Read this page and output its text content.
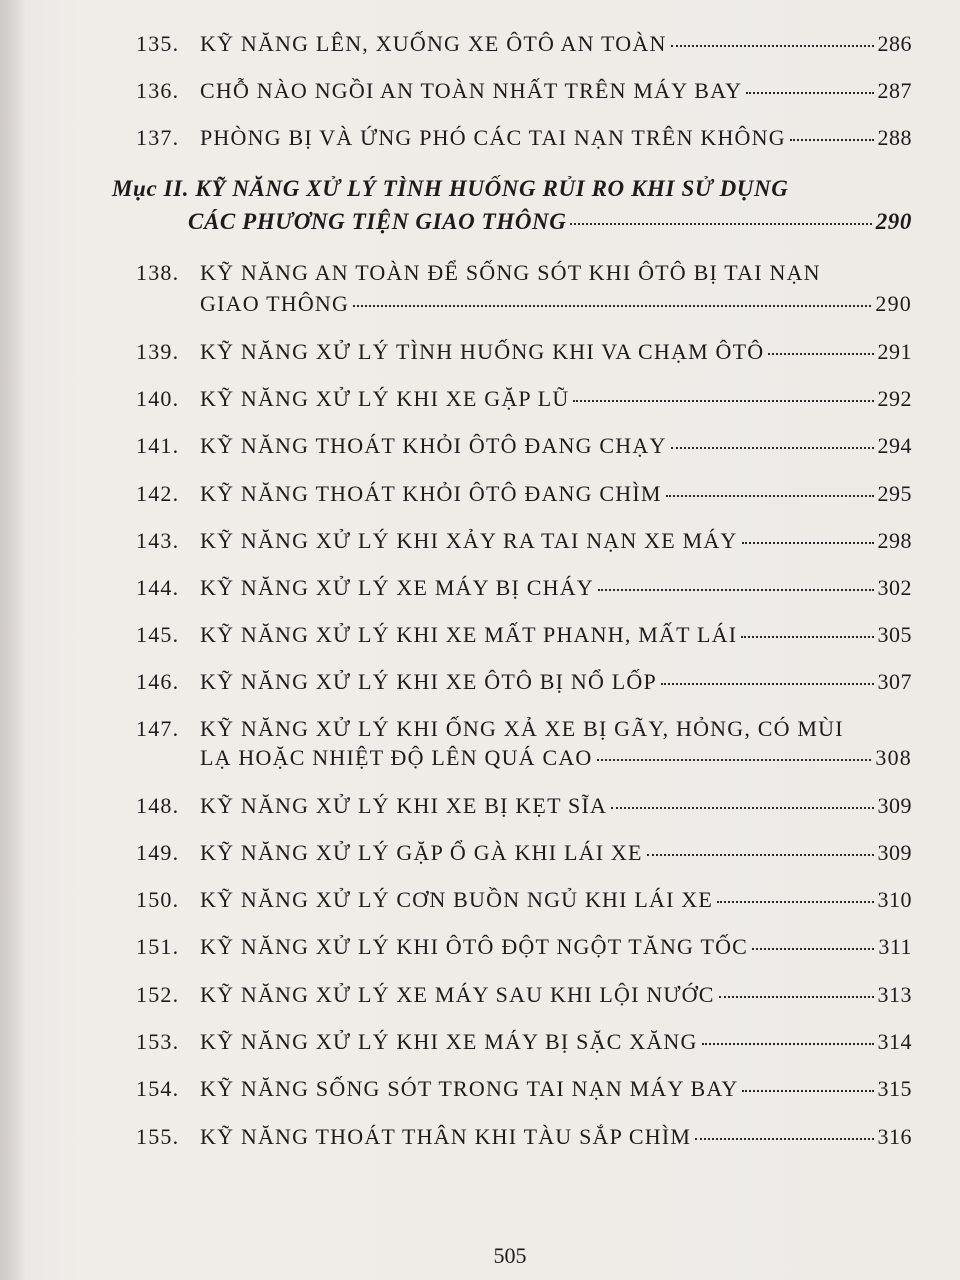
135. KỸ NĂNG LÊN, XUỐNG XE ÔTÔ AN TOÀN	286
136. CHỖ NÀO NGỒI AN TOÀN NHẤT TRÊN MÁY BAY	287
137. PHÒNG BỊ VÀ ỨNG PHÓ CÁC TAI NẠN TRÊN KHÔNG	288
Mục II. KỸ NĂNG XỬ LÝ TÌNH HUỐNG RỦI RO KHI SỬ DỤNG
CÁC PHƯƠNG TIỆN GIAO THÔNG	290
138. KỸ NĂNG AN TOÀN ĐỂ SỐNG SÓT KHI ÔTÔ BỊ TAI NẠN
GIAO THÔNG	290
139. KỸ NĂNG XỬ LÝ TÌNH HUỐNG KHI VA CHẠM ÔTÔ	291
140. KỸ NĂNG XỬ LÝ KHI XE GẶP LŨ	292
141. KỸ NĂNG THOÁT KHỎI ÔTÔ ĐANG CHẠY	294
142. KỸ NĂNG THOÁT KHỎI ÔTÔ ĐANG CHÌM	295
143. KỸ NĂNG XỬ LÝ KHI XẢY RA TAI NẠN XE MÁY	298
144. KỸ NĂNG XỬ LÝ XE MÁY BỊ CHÁY	302
145. KỸ NĂNG XỬ LÝ KHI XE MẤT PHANH, MẤT LÁI	305
146. KỸ NĂNG XỬ LÝ KHI XE ÔTÔ BỊ NỔ LỐP	307
147. KỸ NĂNG XỬ LÝ KHI ỐNG XẢ XE BỊ GÃY, HỎNG, CÓ MÙI
LẠ HOẶC NHIỆT ĐỘ LÊN QUÁ CAO	308
148. KỸ NĂNG XỬ LÝ KHI XE BỊ KẸT SĨA	309
149. KỸ NĂNG XỬ LÝ GẶP Ổ GÀ KHI LÁI XE	309
150. KỸ NĂNG XỬ LÝ CƠN BUỒN NGỦ KHI LÁI XE	310
151. KỸ NĂNG XỬ LÝ KHI ÔTÔ ĐỘT NGỘT TĂNG TỐC	311
152. KỸ NĂNG XỬ LÝ XE MÁY SAU KHI LỘI NƯỚC	313
153. KỸ NĂNG XỬ LÝ KHI XE MÁY BỊ SẶC XĂNG	314
154. KỸ NĂNG SỐNG SÓT TRONG TAI NẠN MÁY BAY	315
155. KỸ NĂNG THOÁT THÂN KHI TÀU SẮP CHÌM	316
505
